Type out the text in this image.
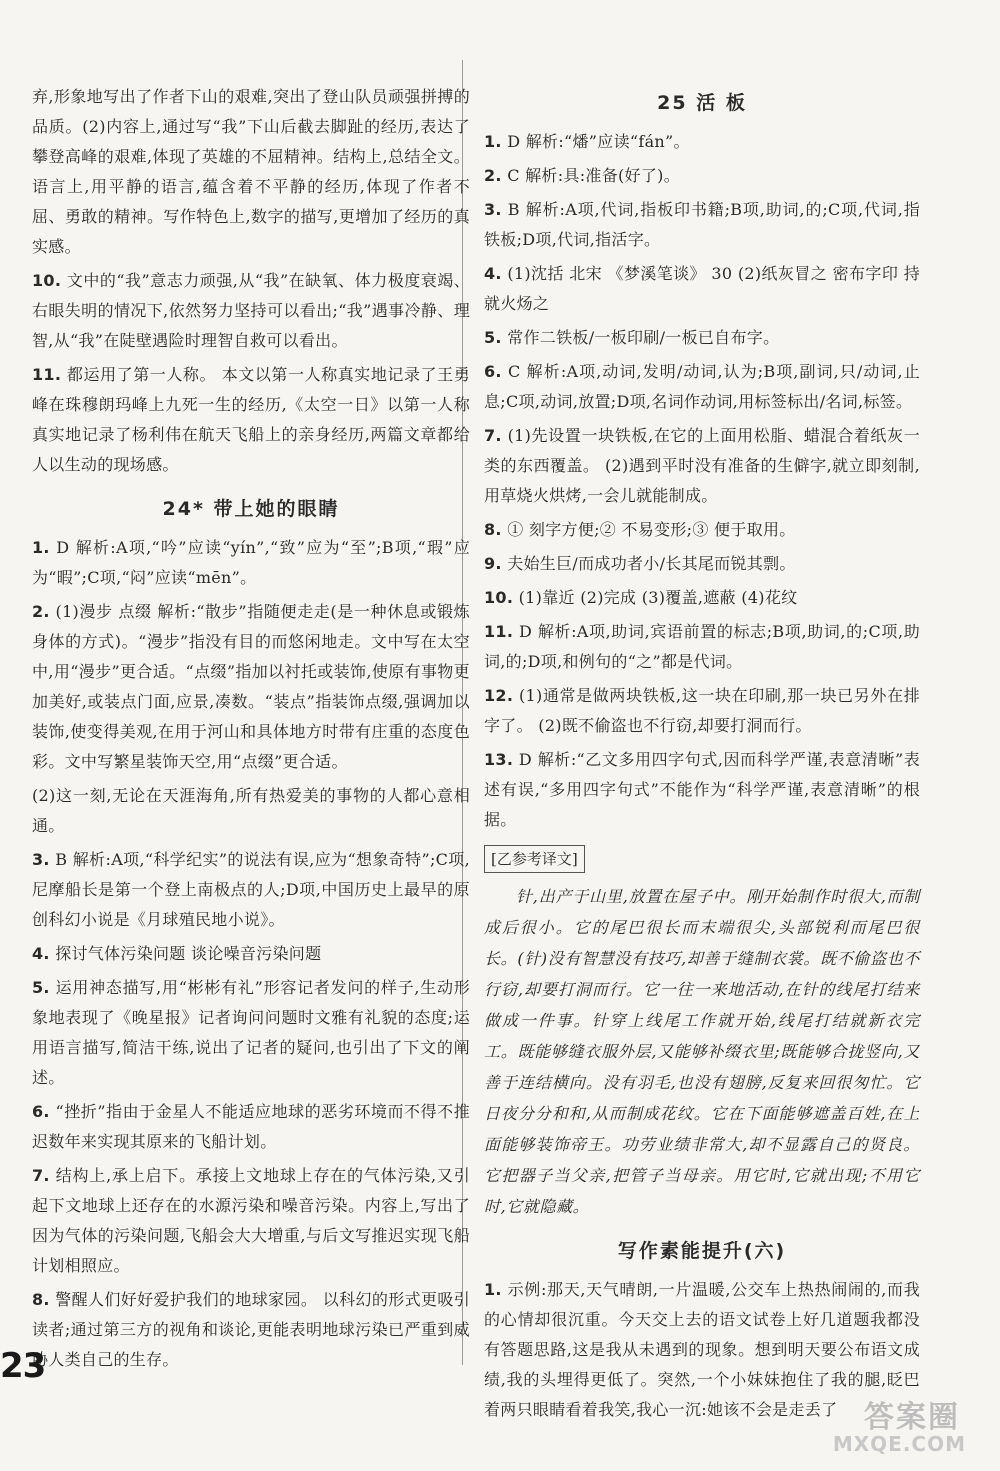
弃,形象地写出了作者下山的艰难,突出了登山队员顽强拼搏的品质。(2)内容上,通过写“我”下山后截去脚趾的经历,表达了攀登高峰的艰难,体现了英雄的不屈精神。结构上,总结全文。语言上,用平静的语言,蕴含着不平静的经历,体现了作者不屈、勇敢的精神。写作特色上,数字的描写,更增加了经历的真实感。

10. 文中的“我”意志力顽强,从“我”在缺氧、体力极度衰竭、右眼失明的情况下,依然努力坚持可以看出;“我”遇事冷静、理智,从“我”在陡壁遇险时理智自救可以看出。

11. 都运用了第一人称。 本文以第一人称真实地记录了王勇峰在珠穆朗玛峰上九死一生的经历,《太空一日》以第一人称真实地记录了杨利伟在航天飞船上的亲身经历,两篇文章都给人以生动的现场感。

24* 带上她的眼睛

1. D 解析:A项,“吟”应读“yín”,“致”应为“至”;B项,“瑕”应为“暇”;C项,“闷”应读“mēn”。

2. (1)漫步 点缀 解析:“散步”指随便走走(是一种休息或锻炼身体的方式)。“漫步”指没有目的而悠闲地走。文中写在太空中,用“漫步”更合适。“点缀”指加以衬托或装饰,使原有事物更加美好,或装点门面,应景,凑数。“装点”指装饰点缀,强调加以装饰,使变得美观,在用于河山和具体地方时带有庄重的态度色彩。文中写繁星装饰天空,用“点缀”更合适。

(2)这一刻,无论在天涯海角,所有热爱美的事物的人都心意相通。

3. B 解析:A项,“科学纪实”的说法有误,应为“想象奇特”;C项,尼摩船长是第一个登上南极点的人;D项,中国历史上最早的原创科幻小说是《月球殖民地小说》。

4. 探讨气体污染问题 谈论噪音污染问题

5. 运用神态描写,用“彬彬有礼”形容记者发问的样子,生动形象地表现了《晚星报》记者询问问题时文雅有礼貌的态度;运用语言描写,简洁干练,说出了记者的疑问,也引出了下文的阐述。

6. “挫折”指由于金星人不能适应地球的恶劣环境而不得不推迟数年来实现其原来的飞船计划。

7. 结构上,承上启下。承接上文地球上存在的气体污染,又引起下文地球上还存在的水源污染和噪音污染。内容上,写出了因为气体的污染问题,飞船会大大增重,与后文写推迟实现飞船计划相照应。

8. 警醒人们好好爱护我们的地球家园。 以科幻的形式更吸引读者;通过第三方的视角和谈论,更能表明地球污染已严重到威胁人类自己的生存。

25 活 板

1. D 解析:“燔”应读“fán”。

2. C 解析:具:准备(好了)。

3. B 解析:A项,代词,指板印书籍;B项,助词,的;C项,代词,指铁板;D项,代词,指活字。

4. (1)沈括 北宋 《梦溪笔谈》 30 (2)纸灰冒之 密布字印 持就火炀之

5. 常作二铁板/一板印刷/一板已自布字。

6. C 解析:A项,动词,发明/动词,认为;B项,副词,只/动词,止息;C项,动词,放置;D项,名词作动词,用标签标出/名词,标签。

7. (1)先设置一块铁板,在它的上面用松脂、蜡混合着纸灰一类的东西覆盖。 (2)遇到平时没有准备的生僻字,就立即刻制,用草烧火烘烤,一会儿就能制成。

8. ① 刻字方便;② 不易变形;③ 便于取用。

9. 夫始生巨/而成功者小/长其尾而锐其剽。

10. (1)靠近 (2)完成 (3)覆盖,遮蔽 (4)花纹

11. D 解析:A项,助词,宾语前置的标志;B项,助词,的;C项,助词,的;D项,和例句的“之”都是代词。

12. (1)通常是做两块铁板,这一块在印刷,那一块已另外在排字了。 (2)既不偷盗也不行窃,却要打洞而行。

13. D 解析:“乙文多用四字句式,因而科学严谨,表意清晰”表述有误,“多用四字句式”不能作为“科学严谨,表意清晰”的根据。

[乙参考译文]

针,出产于山里,放置在屋子中。刚开始制作时很大,而制成后很小。它的尾巴很长而末端很尖,头部锐利而尾巴很长。(针)没有智慧没有技巧,却善于缝制衣裳。既不偷盗也不行窃,却要打洞而行。它一往一来地活动,在针的线尾打结来做成一件事。针穿上线尾工作就开始,线尾打结就新衣完工。既能够缝衣服外层,又能够补缀衣里;既能够合拢竖向,又善于连结横向。没有羽毛,也没有翅膀,反复来回很匆忙。它日夜分分和和,从而制成花纹。它在下面能够遮盖百姓,在上面能够装饰帝王。功劳业绩非常大,却不显露自己的贤良。它把器子当父亲,把管子当母亲。用它时,它就出现;不用它时,它就隐藏。

写作素能提升(六)

1. 示例:那天,天气晴朗,一片温暖,公交车上热热闹闹的,而我的心情却很沉重。今天交上去的语文试卷上好几道题我都没有答题思路,这是我从未遇到的现象。想到明天要公布语文成绩,我的头埋得更低了。突然,一个小妹妹抱住了我的腿,眨巴着两只眼睛看着我笑,我心一沉:她该不会是走丢了

23
答案圈
MXQE.COM
